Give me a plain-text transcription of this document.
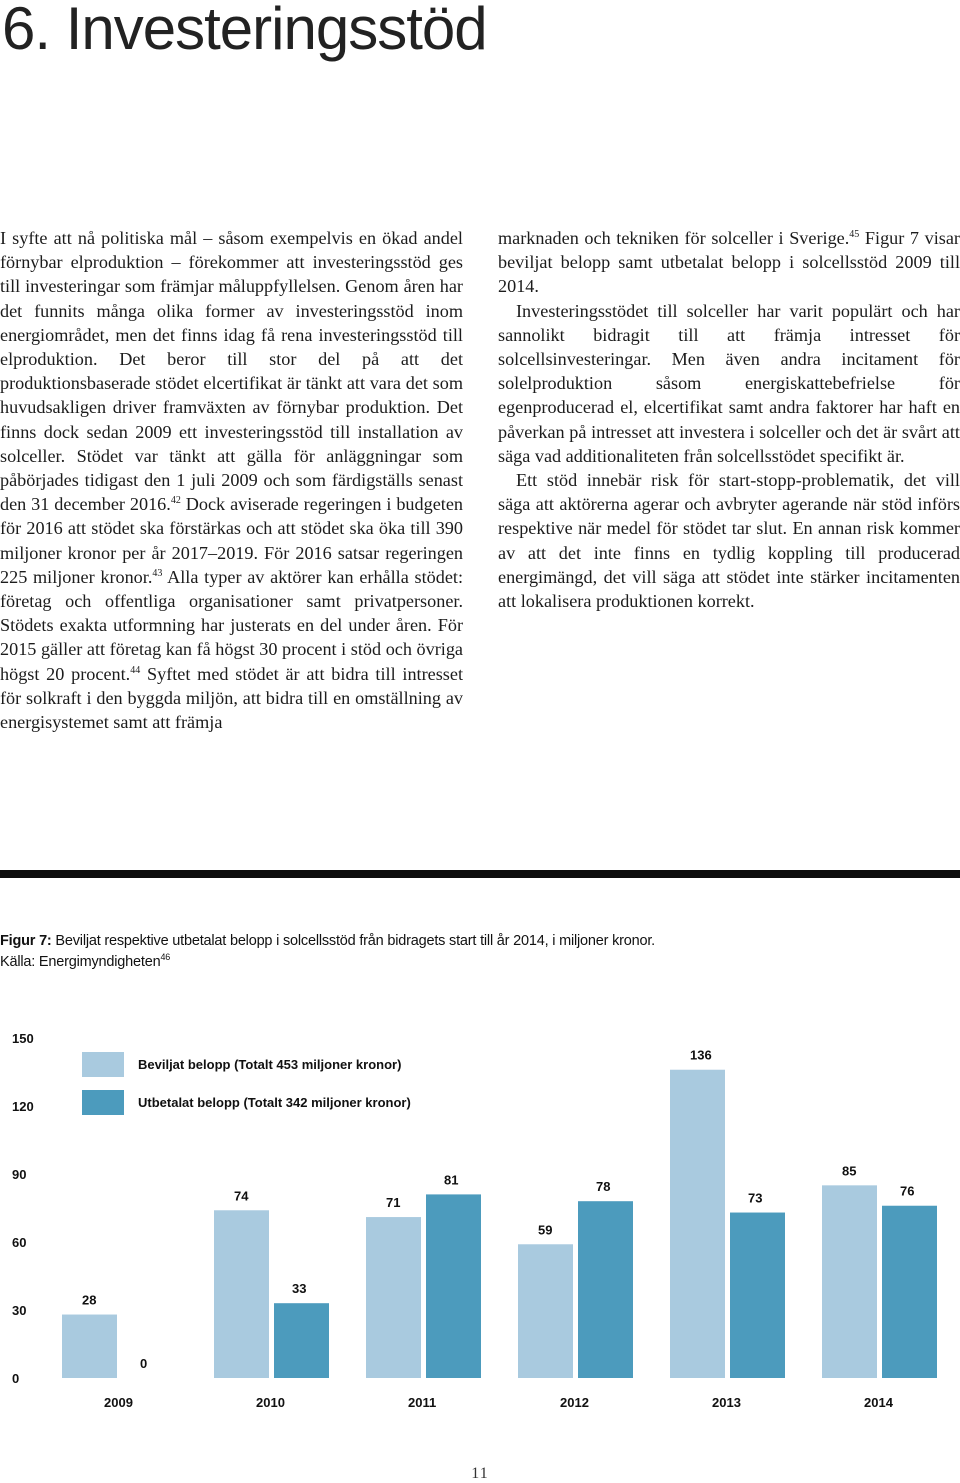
6. Investeringsstöd

I syfte att nå politiska mål – såsom exempelvis en ökad andel förnybar elproduktion – förekommer att investeringsstöd ges till investeringar som främjar måluppfyllelsen. Genom åren har det funnits många olika former av investeringsstöd inom energiområdet, men det finns idag få rena investeringsstöd till elproduktion. Det beror till stor del på att det produktionsbaserade stödet elcertifikat är tänkt att vara det som huvudsakligen driver framväxten av förnybar produktion. Det finns dock sedan 2009 ett investeringsstöd till installation av solceller. Stödet var tänkt att gälla för anläggningar som påbörjades tidigast den 1 juli 2009 och som färdigställs senast den 31 december 2016.42 Dock aviserade regeringen i budgeten för 2016 att stödet ska förstärkas och att stödet ska öka till 390 miljoner kronor per år 2017–2019. För 2016 satsar regeringen 225 miljoner kronor.$^{43}$ Alla typer av aktörer kan erhålla stödet: företag och offentliga organisationer samt privatpersoner. Stödets exakta utformning har justerats en del under åren. För 2015 gäller att företag kan få högst 30 procent i stöd och övriga högst 20 procent.$^{44}$ Syftet med stödet är att bidra till intresset för solkraft i den byggda miljön, att bidra till en omställning av energisystemet samt att främja

marknaden och tekniken för solceller i Sverige.$^{45}$ Figur 7 visar beviljat belopp samt utbetalat belopp i solcellsstöd 2009 till 2014.

Investeringsstödet till solceller har varit populärt och har sannolikt bidragit till att främja intresset för solcellsinvesteringar. Men även andra incitament för solelproduktion såsom energiskattebefrielse för egenproducerad el, elcertifikat samt andra faktorer har haft en påverkan på intresset att investera i solceller och det är svårt att säga vad additionaliteten från solcellsstödet specifikt är.

Ett stöd innebär risk för start-stopp-problematik, det vill säga att aktörerna agerar och avbryter agerande när stöd införs respektive när medel för stödet tar slut. En annan risk kommer av att det inte finns en tydlig koppling till producerad energimängd, det vill säga att stödet inte stärker incitamenten att lokalisera produktionen korrekt.

Figur 7: Beviljat respektive utbetalat belopp i solcellsstöd från bidragets start till år 2014, i miljoner kronor.
Källa: Energimyndigheten$^{46}$
0
30
60
90
120
150
Beviljat belopp (Totalt 453 miljoner kronor)
Utbetalat belopp (Totalt 342 miljoner kronor)
28
0
2009
74
33
2010
71
81
2011
59
78
2012
136
73
2013
85
76
2014
11
